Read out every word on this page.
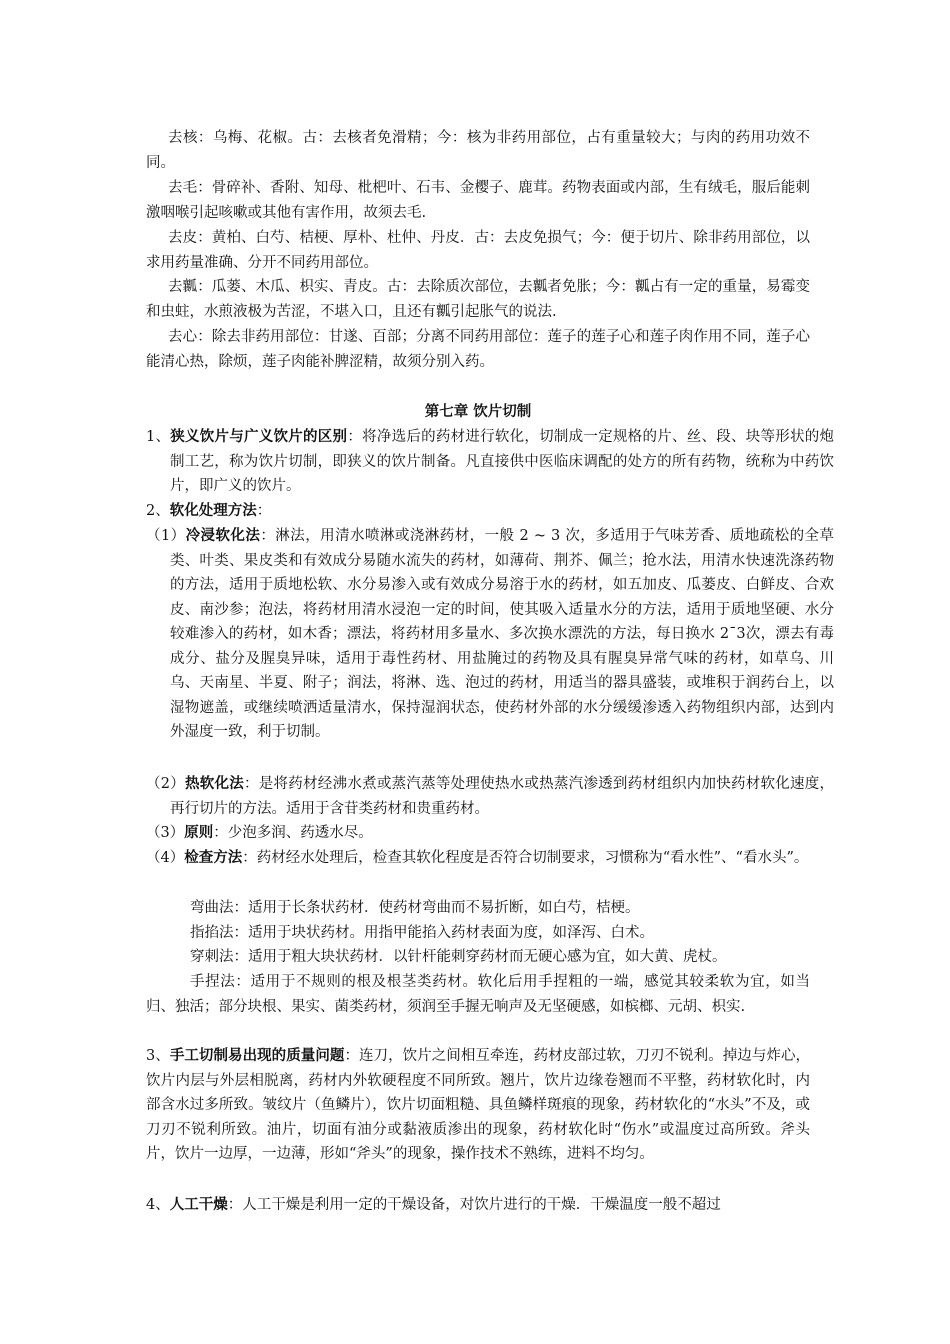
去核：乌梅、花椒。古：去核者免滑精；今：核为非药用部位，占有重量较大；与肉的药用功效不同。
去毛：骨碎补、香附、知母、枇杷叶、石韦、金樱子、鹿茸。药物表面或内部，生有绒毛，服后能刺激咽喉引起咳嗽或其他有害作用，故须去毛.
去皮：黄柏、白芍、桔梗、厚朴、杜仲、丹皮．古：去皮免损气；今：便于切片、除非药用部位，以求用药量准确、分开不同药用部位。
去瓤：瓜蒌、木瓜、枳实、青皮。古：去除质次部位，去瓤者免胀；今：瓤占有一定的重量，易霉变和虫蛀，水煎液极为苦涩，不堪入口，且还有瓤引起胀气的说法.
去心：除去非药用部位：甘遂、百部；分离不同药用部位：莲子的莲子心和莲子肉作用不同，莲子心能清心热，除烦，莲子肉能补脾涩精，故须分别入药。
第七章 饮片切制
1、狭义饮片与广义饮片的区别：将净选后的药材进行软化，切制成一定规格的片、丝、段、块等形状的炮制工艺，称为饮片切制，即狭义的饮片制备。凡直接供中医临床调配的处方的所有药物，统称为中药饮片，即广义的饮片。
2、软化处理方法：
（1）冷浸软化法：淋法，用清水喷淋或浇淋药材，一般 2 ~ 3 次，多适用于气味芳香、质地疏松的全草类、叶类、果皮类和有效成分易随水流失的药材，如薄荷、荆芥、佩兰；抢水法，用清水快速洗涤药物的方法，适用于质地松软、水分易渗入或有效成分易溶于水的药材，如五加皮、瓜蒌皮、白鲜皮、合欢皮、南沙参；泡法，将药材用清水浸泡一定的时间，使其吸入适量水分的方法，适用于质地坚硬、水分较难渗入的药材，如木香；漂法，将药材用多量水、多次换水漂洗的方法，每日换水 2¯3次，漂去有毒成分、盐分及腥臭异味，适用于毒性药材、用盐腌过的药物及具有腥臭异常气味的药材，如草乌、川乌、天南星、半夏、附子；润法，将淋、选、泡过的药材，用适当的器具盛装，或堆积于润药台上，以湿物遮盖，或继续喷洒适量清水，保持湿润状态，使药材外部的水分缓缓渗透入药物组织内部，达到内外湿度一致，利于切制。
（2）热软化法：是将药材经沸水煮或蒸汽蒸等处理使热水或热蒸汽渗透到药材组织内加快药材软化速度，再行切片的方法。适用于含苷类药材和贵重药材。
（3）原则：少泡多润、药透水尽。
（4）检查方法：药材经水处理后，检查其软化程度是否符合切制要求，习惯称为“看水性”、“看水头”。
弯曲法：适用于长条状药材．使药材弯曲而不易折断，如白芍，桔梗。
指掐法：适用于块状药材。用指甲能掐入药材表面为度，如泽泻、白术。
穿刺法：适用于粗大块状药材．以针杆能刺穿药材而无硬心感为宜，如大黄、虎杖。
手捏法：适用于不规则的根及根茎类药材。软化后用手捏粗的一端，感觉其较柔软为宜，如当归、独活；部分块根、果实、菌类药材，须润至手握无响声及无坚硬感，如槟榔、元胡、枳实.
3、手工切制易出现的质量问题：连刀，饮片之间相互牵连，药材皮部过软，刀刃不锐利。掉边与炸心，饮片内层与外层相脱离，药材内外软硬程度不同所致。翘片，饮片边缘卷翘而不平整，药材软化时，内部含水过多所致。皱纹片（鱼鳞片），饮片切面粗糙、具鱼鳞样斑痕的现象，药材软化的“水头”不及，或刀刃不锐利所致。油片，切面有油分或黏液质渗出的现象，药材软化时“伤水”或温度过高所致。斧头片，饮片一边厚，一边薄，形如“斧头”的现象，操作技术不熟练，进料不均匀。
4、人工干燥：人工干燥是利用一定的干燥设备，对饮片进行的干燥．干燥温度一般不超过
